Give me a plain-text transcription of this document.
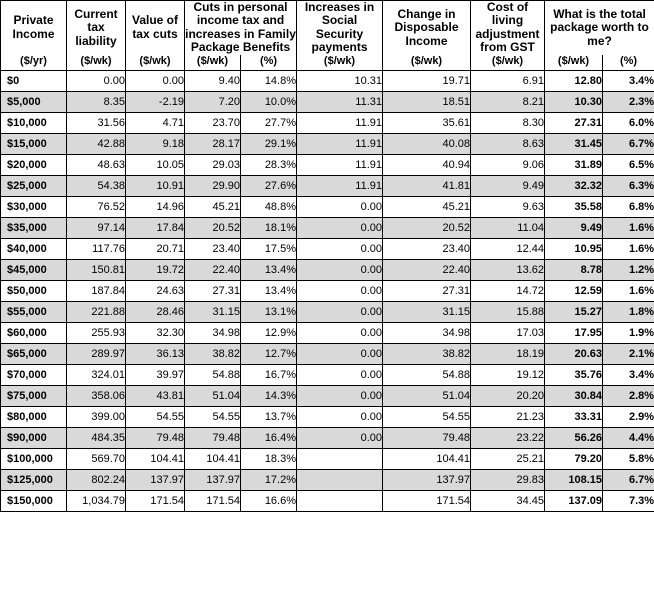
Private Income	Current tax liability	Value of tax cuts	Cuts in personal income tax and increases in Family Package Benefits		Increases in Social Security payments	Change in Disposable Income	Cost of living adjustment from GST	What is the total package worth to me?	
($/yr)	($/wk)	($/wk)	($/wk)	(%)	($/wk)	($/wk)	($/wk)	($/wk)	(%)
$0	0.00	0.00	9.40	14.8%	10.31	19.71	6.91	12.80	3.4%
$5,000	8.35	-2.19	7.20	10.0%	11.31	18.51	8.21	10.30	2.3%
$10,000	31.56	4.71	23.70	27.7%	11.91	35.61	8.30	27.31	6.0%
$15,000	42.88	9.18	28.17	29.1%	11.91	40.08	8.63	31.45	6.7%
$20,000	48.63	10.05	29.03	28.3%	11.91	40.94	9.06	31.89	6.5%
$25,000	54.38	10.91	29.90	27.6%	11.91	41.81	9.49	32.32	6.3%
$30,000	76.52	14.96	45.21	48.8%	0.00	45.21	9.63	35.58	6.8%
$35,000	97.14	17.84	20.52	18.1%	0.00	20.52	11.04	9.49	1.6%
$40,000	117.76	20.71	23.40	17.5%	0.00	23.40	12.44	10.95	1.6%
$45,000	150.81	19.72	22.40	13.4%	0.00	22.40	13.62	8.78	1.2%
$50,000	187.84	24.63	27.31	13.4%	0.00	27.31	14.72	12.59	1.6%
$55,000	221.88	28.46	31.15	13.1%	0.00	31.15	15.88	15.27	1.8%
$60,000	255.93	32.30	34.98	12.9%	0.00	34.98	17.03	17.95	1.9%
$65,000	289.97	36.13	38.82	12.7%	0.00	38.82	18.19	20.63	2.1%
$70,000	324.01	39.97	54.88	16.7%	0.00	54.88	19.12	35.76	3.4%
$75,000	358.06	43.81	51.04	14.3%	0.00	51.04	20.20	30.84	2.8%
$80,000	399.00	54.55	54.55	13.7%	0.00	54.55	21.23	33.31	2.9%
$90,000	484.35	79.48	79.48	16.4%	0.00	79.48	23.22	56.26	4.4%
$100,000	569.70	104.41	104.41	18.3%		104.41	25.21	79.20	5.8%
$125,000	802.24	137.97	137.97	17.2%		137.97	29.83	108.15	6.7%
$150,000	1,034.79	171.54	171.54	16.6%		171.54	34.45	137.09	7.3%
